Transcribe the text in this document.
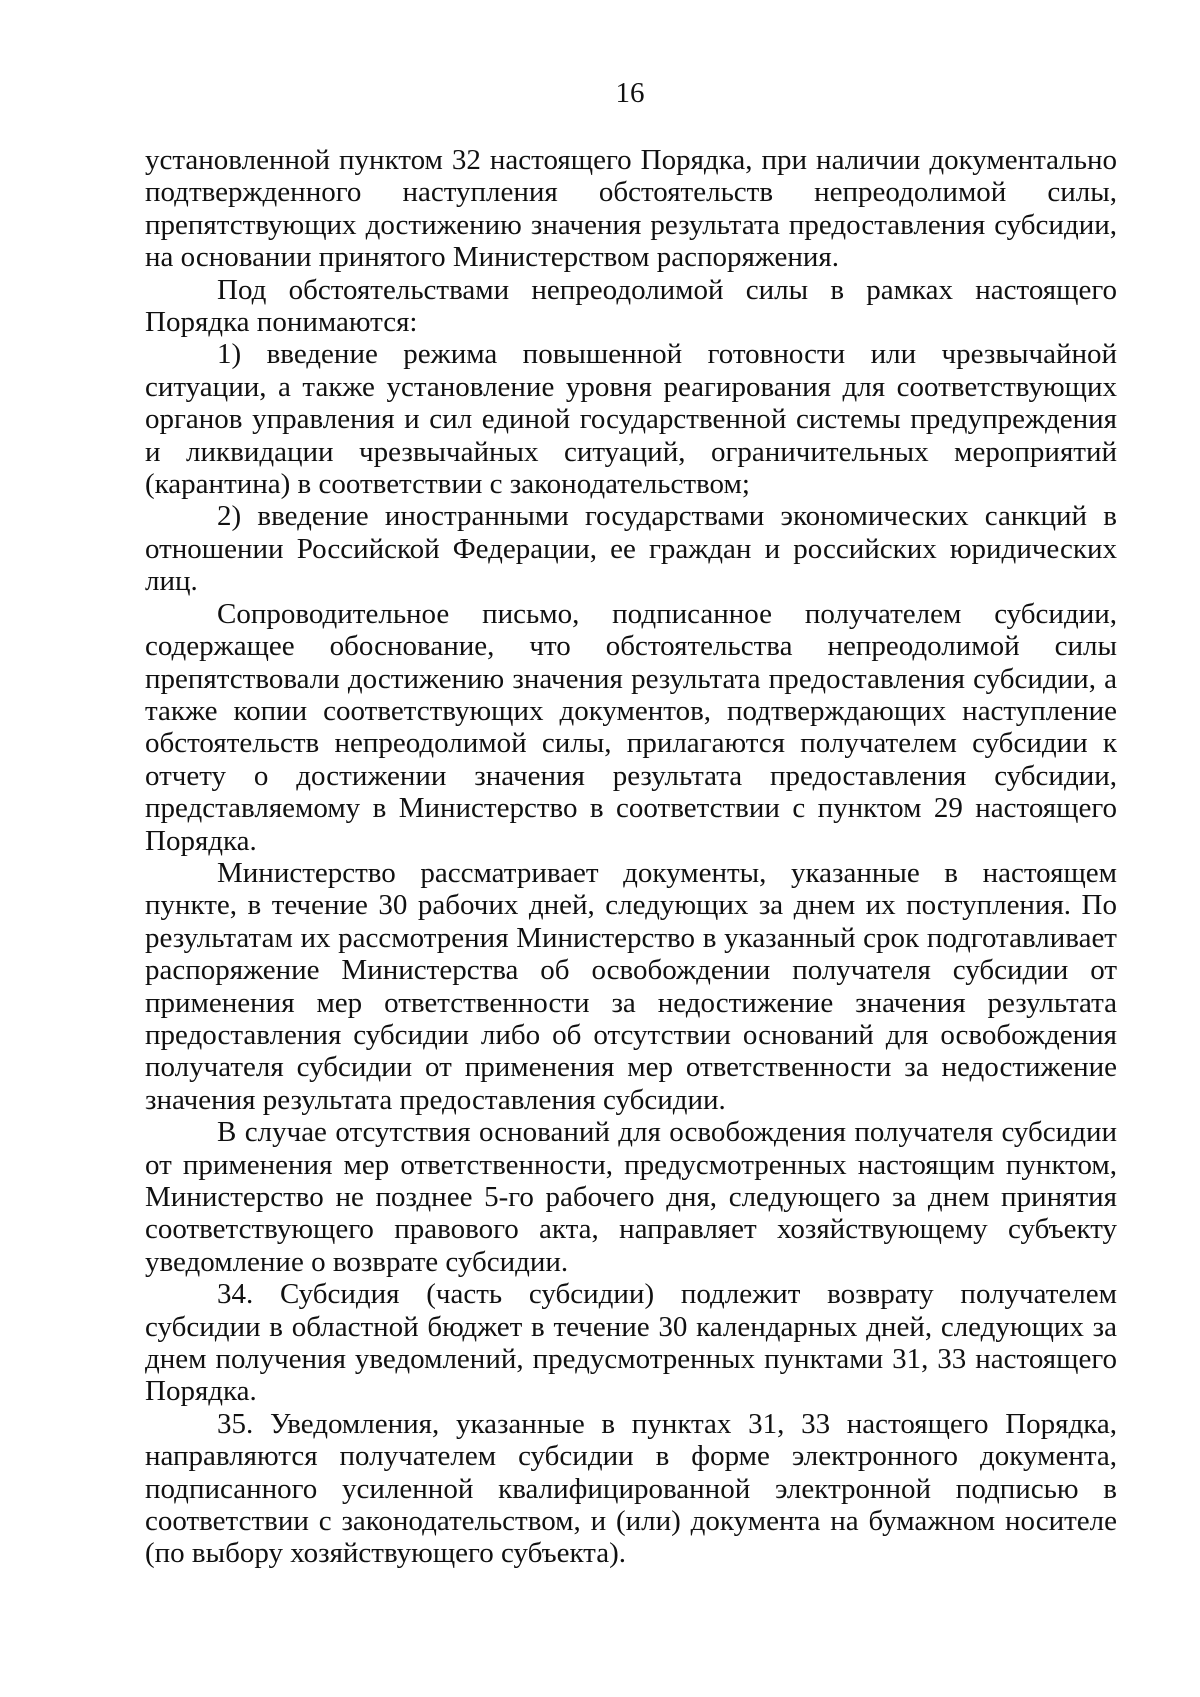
16

установленной пунктом 32 настоящего Порядка, при наличии документально подтвержденного наступления обстоятельств непреодолимой силы, препятствующих достижению значения результата предоставления субсидии, на основании принятого Министерством распоряжения.

Под обстоятельствами непреодолимой силы в рамках настоящего Порядка понимаются:

1) введение режима повышенной готовности или чрезвычайной ситуации, а также установление уровня реагирования для соответствующих органов управления и сил единой государственной системы предупреждения и ликвидации чрезвычайных ситуаций, ограничительных мероприятий (карантина) в соответствии с законодательством;

2) введение иностранными государствами экономических санкций в отношении Российской Федерации, ее граждан и российских юридических лиц.

Сопроводительное письмо, подписанное получателем субсидии, содержащее обоснование, что обстоятельства непреодолимой силы препятствовали достижению значения результата предоставления субсидии, а также копии соответствующих документов, подтверждающих наступление обстоятельств непреодолимой силы, прилагаются получателем субсидии к отчету о достижении значения результата предоставления субсидии, представляемому в Министерство в соответствии с пунктом 29 настоящего Порядка.

Министерство рассматривает документы, указанные в настоящем пункте, в течение 30 рабочих дней, следующих за днем их поступления. По результатам их рассмотрения Министерство в указанный срок подготавливает распоряжение Министерства об освобождении получателя субсидии от применения мер ответственности за недостижение значения результата предоставления субсидии либо об отсутствии оснований для освобождения получателя субсидии от применения мер ответственности за недостижение значения результата предоставления субсидии.

В случае отсутствия оснований для освобождения получателя субсидии от применения мер ответственности, предусмотренных настоящим пунктом, Министерство не позднее 5-го рабочего дня, следующего за днем принятия соответствующего правового акта, направляет хозяйствующему субъекту уведомление о возврате субсидии.

34. Субсидия (часть субсидии) подлежит возврату получателем субсидии в областной бюджет в течение 30 календарных дней, следующих за днем получения уведомлений, предусмотренных пунктами 31, 33 настоящего Порядка.

35. Уведомления, указанные в пунктах 31, 33 настоящего Порядка, направляются получателем субсидии в форме электронного документа, подписанного усиленной квалифицированной электронной подписью в соответствии с законодательством, и (или) документа на бумажном носителе (по выбору хозяйствующего субъекта).
